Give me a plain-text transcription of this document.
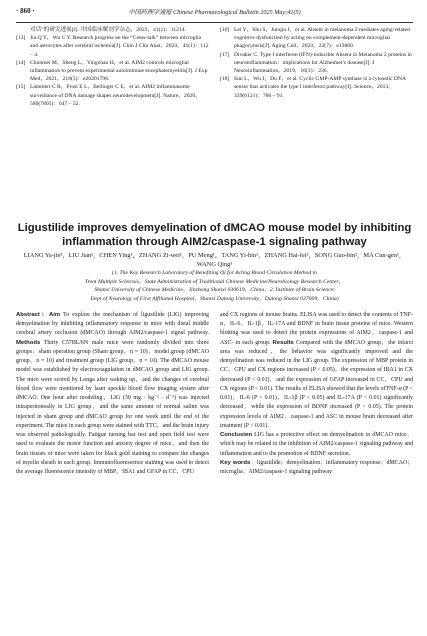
· 860 ·	中国药理学通报 Chinese Pharmacological Bulletin 2025 May;41(5)
对话”的研究进展[J]. 中国临床解剖学杂志，2023，41(1)：11214.
[13] Jia Q Y，Wu C Y. Research progress on the “Cross-talk” between microglia and astrocytes after cerebral ischemia[J]. Chin J Clin Anat，2023，41(1)：112 – 4.
[14] Chunmei M，Sheng L，Yingchao H，et al. AIM2 controls microglial inflammation to prevent experimental autoimmune encephalomyelitis[J]. J Exp Med，2021，218(5)：e20201796.
[15] Lammert C R，Frost E L，Bellinger C E，et al. AIM2 inflammasome surveillance of DNA damage shapes neurodevelopment[J]. Nature，2020，580(7805)：647 – 52.
[16] Lei Y，Shu S，Junqiu J，et al. Absent in melanoma 2 mediates aging-related cognitive dysfunction by acting on complement-dependent microglial phagocytosis[J]. Aging Cell，2023，22(7)：e13860.
[17] Divaker C. Type I interferon (IFN)-inducible Absent in Melanoma 2 proteins in neuroinflammation：implications for Alzheimer's disease[J]. J Neuroinflammation，2019，16(1)：236.
[18] Sun L，Wu J，Du F，et al. Cyclic GMP-AMP synthase is a cytosolic DNA sensor that activates the type I interferon pathway[J]. Science，2013，339(6121)：786 – 91.
Ligustilide improves demyelination of dMCAO mouse model by inhibiting inflammation through AIM2/caspase-1 signaling pathway
LIANG Ya-jie¹，LIU Jian¹，CHEN Ying¹，ZHANG Zi-wei¹，PU Meng¹，TANG Yi-bin¹，ZHANG Hai-fei²，SONG Guo-bin²，MA Cun-gen¹，WANG Qing¹
(1. The Key Research Laboratory of Benefiting Qi for Acting Blood Circulation Method to
Treat Multiple Sclerosis，State Administration of Traditional Chinese Medicine/Neurobiology Research Center，
Shanxi University of Chinese Medicine，Jinzhong Shanxi 030619，China；2. Institute of Brain Science/
Dept of Neurology of First Affiliated Hospital，Shanxi Datong University，Datong Shanxi 037009，China)

Abstract：Aim To explore the mechanism of ligustilide (LIG) improving demyelination by inhibiting inflammatory response in mice with distal middle cerebral artery occlusion (dMCAO) through AIM2/caspase-1 signal pathway. Methods Thirty C57BL/6N male mice were randomly divided into three groups：sham operation group (Sham group，n = 10)，model group (dMCAO group，n = 10) and treatment group (LIG group，n = 10). The dMCAO mouse model was established by electrocoagulation in dMCAO group and LIG group. The mice were scored by Longa after waking up，and the changes of cerebral blood flow were monitored by laser speckle blood flow imaging system after dMCAO. One hour after modeling，LIG (30 mg · kg⁻¹ · d⁻¹) was injected intraperitoneally in LIG group，and the same amount of normal saline was injected in sham group and dMCAO group for one week until the end of the experiment. The mice in each group were stained with TTC，and the brain injury was observed pathologically. Fatigue turning bar test and open field test were used to evaluate the motor function and anxiety degree of mice，and then the brain tissues of mice were taken for black gold staining to compare the changes of myelin sheath in each group. Immunofluorescence staining was used to detect the average fluorescence intensity of MBP，IBA1 and GFAP in CC，CPU

and CX regions of mouse brains. ELISA was used to detect the contents of TNF-α，IL-6，IL-1β，IL-17A and BDNF in brain tissue proteins of mice. Western blotting was used to detect the protein expressions of AIM2，caspase-1 and ASC- in each group. Results Compared with the dMCAO group，the infarct area was reduced，the behavior was significantly improved and the demyelination was reduced in the LIG group. The expression of MBP protein in CC，CPU and CX regions increased (P < 0.05)，the expression of IBA1 in CX decreased (P < 0.01)，and the expression of GFAP increased in CC，CPU and CX regions (P < 0.01). The results of ELISA showed that the levels ofTNF-α (P < 0.01)，IL-6 (P < 0.01)，IL-1β (P < 0.05) and IL-17A (P < 0.01) significantly decreased，while the expression of BDNF increased (P < 0.05). The protein expression levels of AIM2，caspase-1 and ASC in mouse brain decreased after treatment (P < 0.01).

Conclusion LIG has a protective effect on demyelination in dMCAO mice，which may be related to the inhibition of AIM2/caspase-1 signaling pathway and inflammation and to the promotion of BDNF secretion.

Key words：ligustilide；demyelination；inflammatory response；dMCAO；microglia；AIM2/caspase-1 signaling pathway
